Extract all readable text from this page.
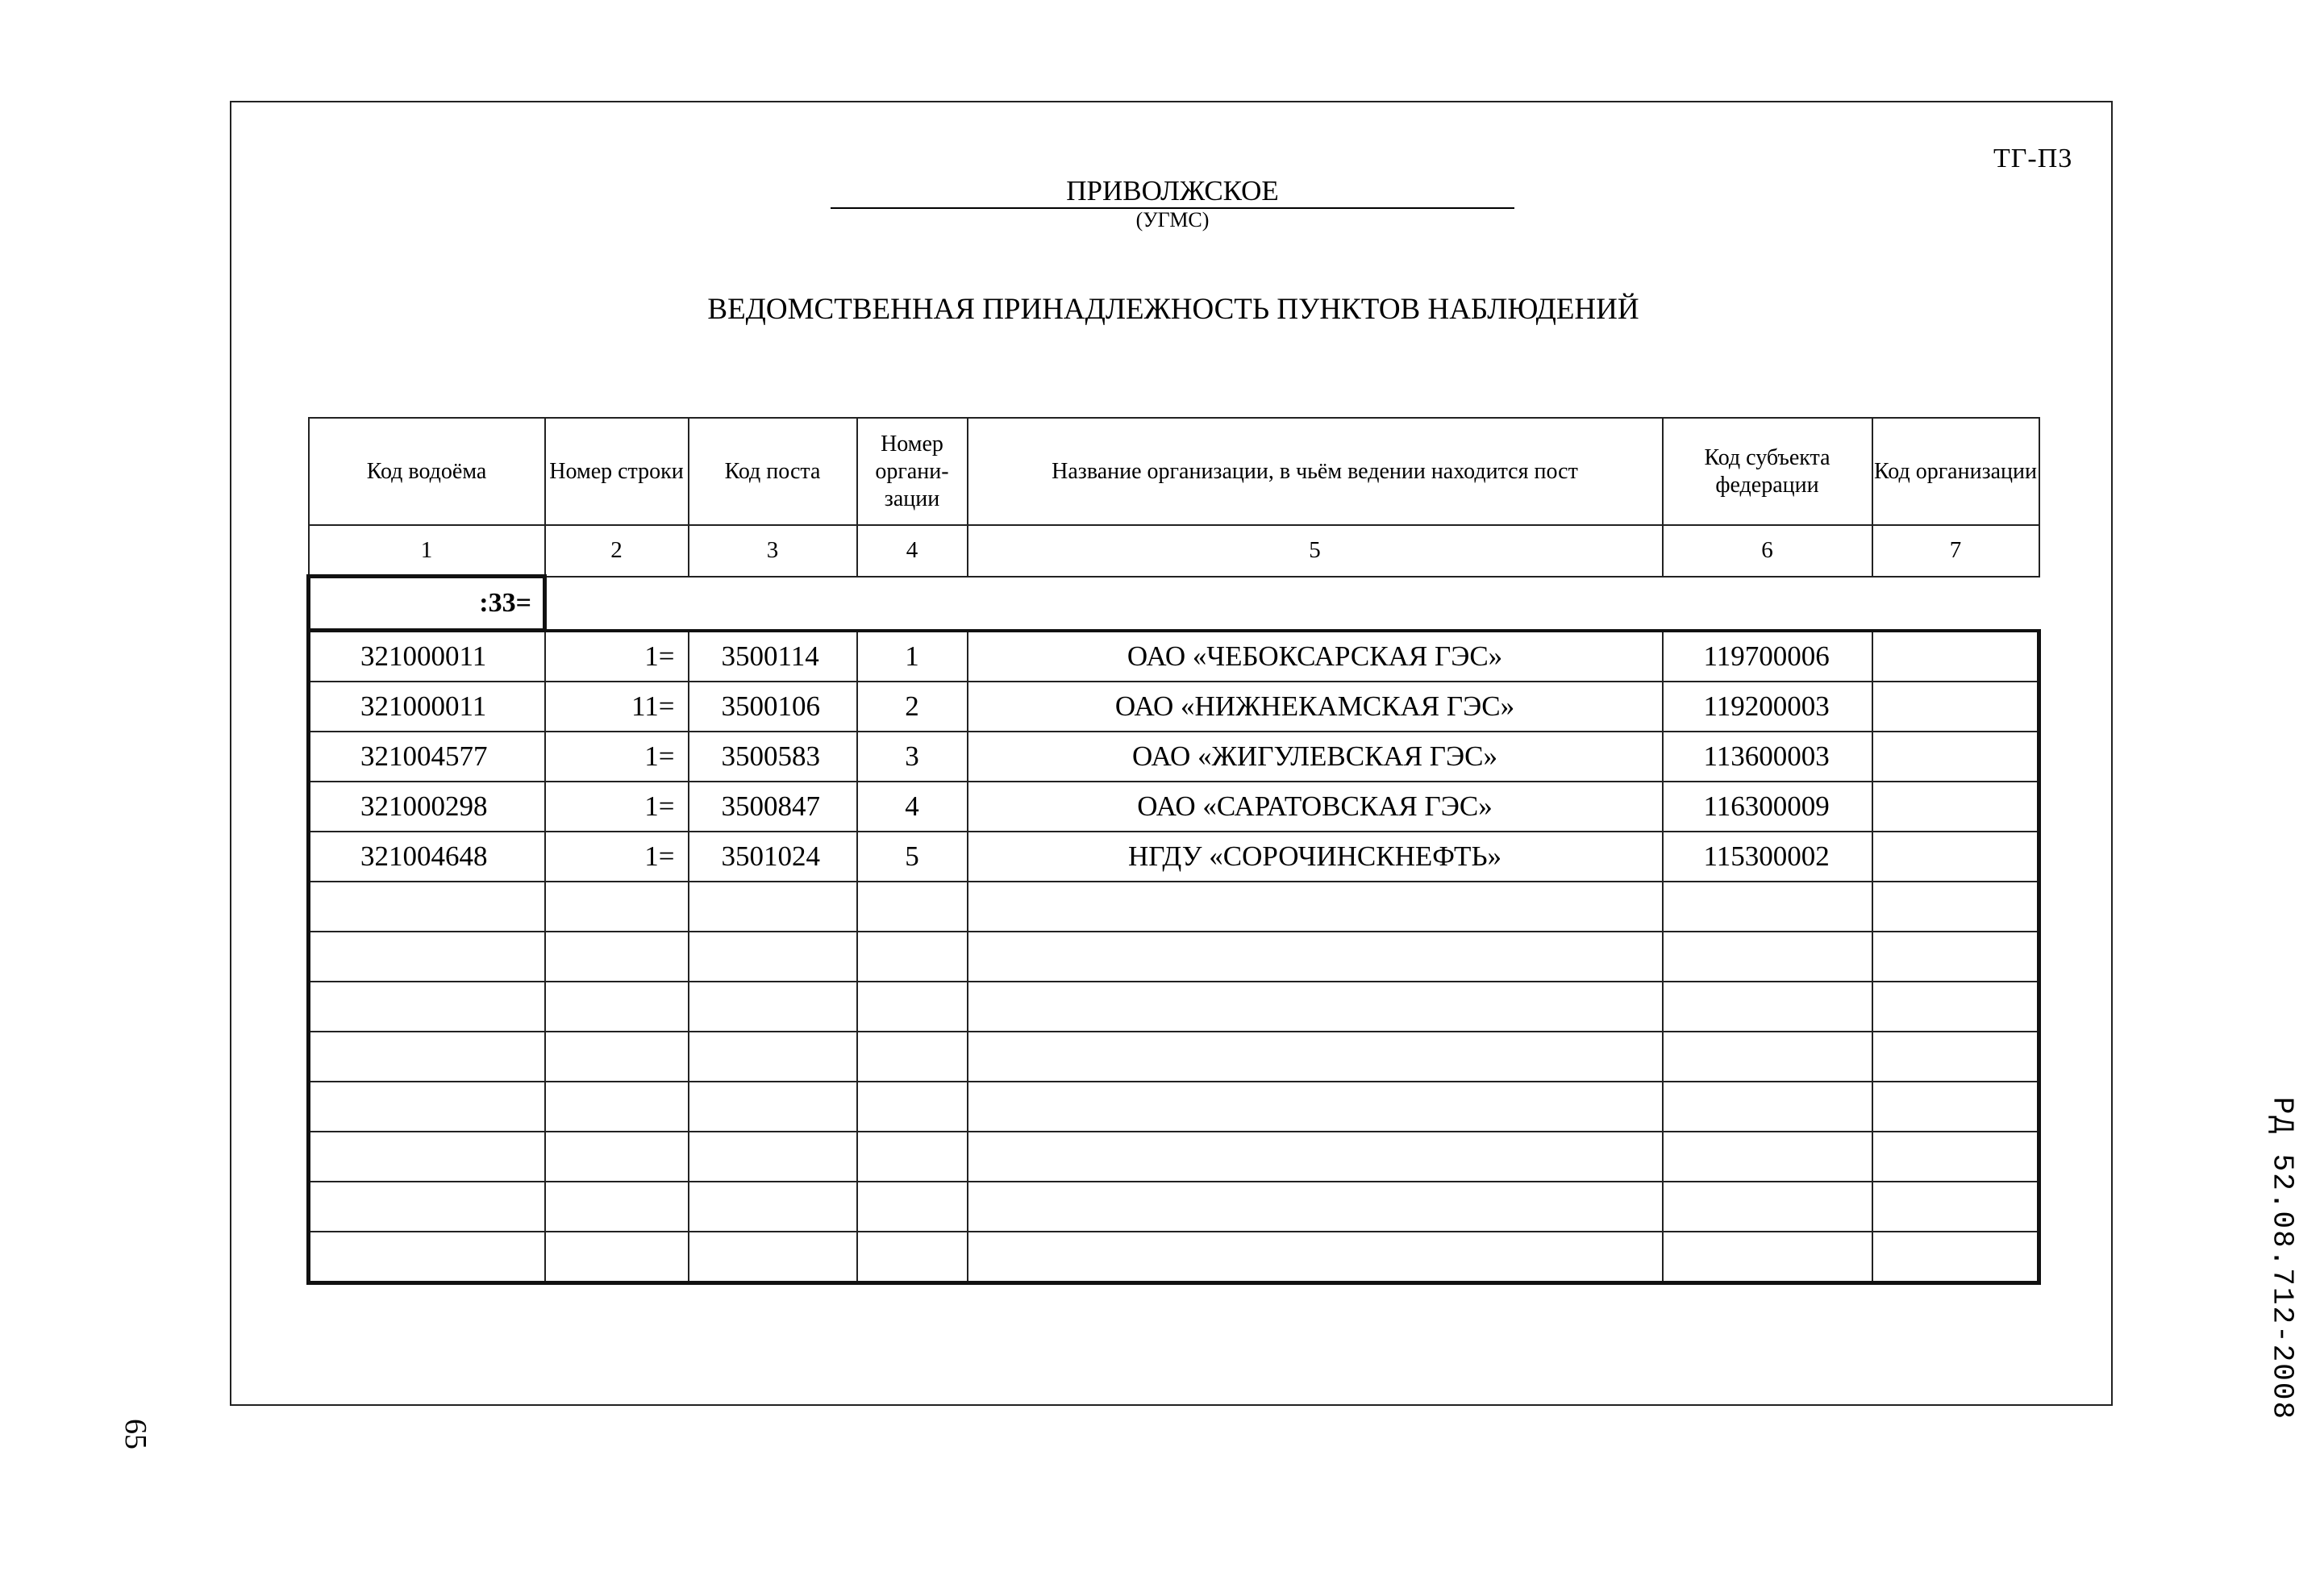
ТГ-П3
ПРИВОЛЖСКОЕ
(УГМС)
ВЕДОМСТВЕННАЯ ПРИНАДЛЕЖНОСТЬ ПУНКТОВ НАБЛЮДЕНИЙ
Код водоёма	Номер строки	Код поста	Номер органи-зации	Название организации, в чьём ведении находится пост	Код субъекта федерации	Код организации
1	2	3	4	5	6	7
:33=						
321000011	1=	3500114	1	ОАО «ЧЕБОКСАРСКАЯ ГЭС»	119700006	
321000011	11=	3500106	2	ОАО «НИЖНЕКАМСКАЯ ГЭС»	119200003	
321004577	1=	3500583	3	ОАО «ЖИГУЛЕВСКАЯ ГЭС»	113600003	
321000298	1=	3500847	4	ОАО «САРАТОВСКАЯ ГЭС»	116300009	
321004648	1=	3501024	5	НГДУ «СОРОЧИНСКНЕФТЬ»	115300002	

65
РД 52.08.712-2008
